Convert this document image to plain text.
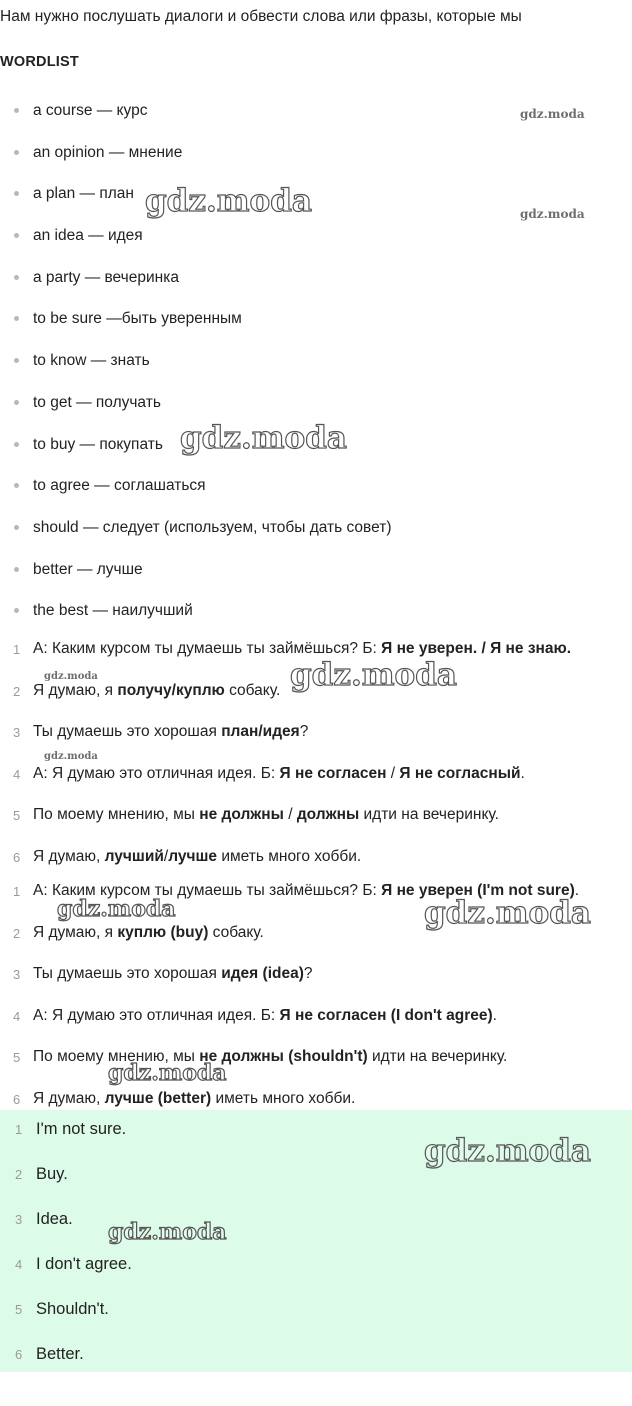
Нам нужно послушать диалоги и обвести слова или фразы, которые мы
WORDLIST
a course — курс
an opinion — мнение
a plan — план
an idea — идея
a party — вечеринка
to be sure —быть уверенным
to know — знать
to get — получать
to buy — покупать
to agree — соглашаться
should — следует (используем, чтобы дать совет)
better — лучше
the best — наилучший
1 А: Каким курсом ты думаешь ты займёшься? Б: Я не уверен. / Я не знаю.
2 Я думаю, я получу/куплю собаку.
3 Ты думаешь это хорошая план/идея?
4 А: Я думаю это отличная идея. Б: Я не согласен / Я не согласный.
5 По моему мнению, мы не должны / должны идти на вечеринку.
6 Я думаю, лучший/лучше иметь много хобби.
1 А: Каким курсом ты думаешь ты займёшься? Б: Я не уверен (I'm not sure).
2 Я думаю, я куплю (buy) собаку.
3 Ты думаешь это хорошая идея (idea)?
4 А: Я думаю это отличная идея. Б: Я не согласен (I don't agree).
5 По моему мнению, мы не должны (shouldn't) идти на вечеринку.
6 Я думаю, лучше (better) иметь много хобби.
1 I'm not sure.
2 Buy.
3 Idea.
4 I don't agree.
5 Shouldn't.
6 Better.
gdz.moda
gdz.moda	gdz.moda
gdz.moda
gdz.moda
gdz.moda
gdz.moda
gdz.moda	gdz.moda
gdz.moda
gdz.moda
gdz.moda
